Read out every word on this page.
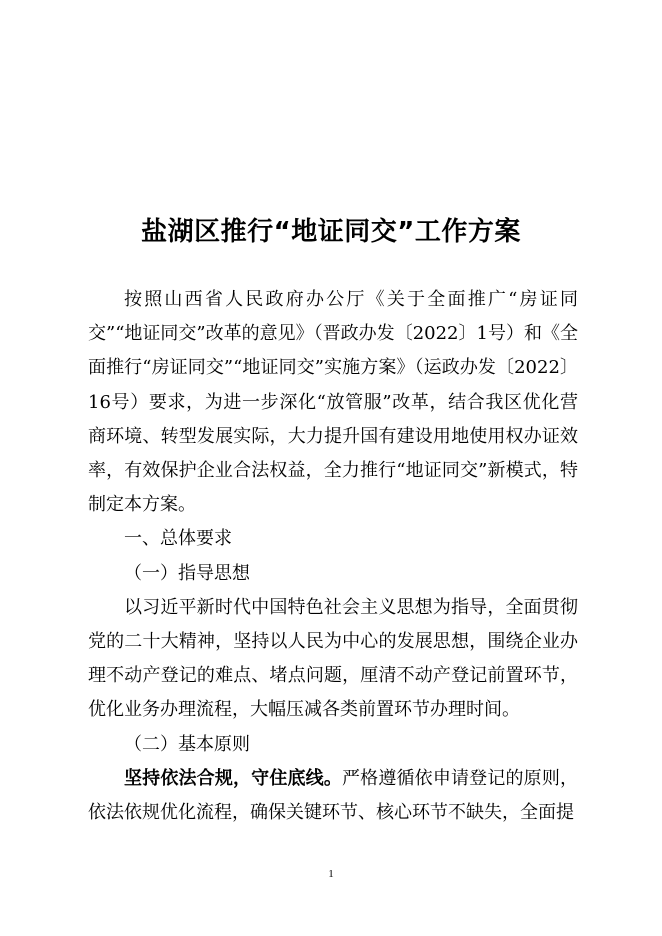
盐湖区推行“地证同交”工作方案

按照山西省人民政府办公厅《关于全面推广“房证同交”“地证同交”改革的意见》（晋政办发〔2022〕1号）和《全面推行“房证同交”“地证同交”实施方案》（运政办发〔2022〕16号）要求，为进一步深化“放管服”改革，结合我区优化营商环境、转型发展实际，大力提升国有建设用地使用权办证效率，有效保护企业合法权益，全力推行“地证同交”新模式，特制定本方案。

一、总体要求

（一）指导思想

以习近平新时代中国特色社会主义思想为指导，全面贯彻党的二十大精神，坚持以人民为中心的发展思想，围绕企业办理不动产登记的难点、堵点问题，厘清不动产登记前置环节，优化业务办理流程，大幅压减各类前置环节办理时间。

（二）基本原则

坚持依法合规，守住底线。严格遵循依申请登记的原则，依法依规优化流程，确保关键环节、核心环节不缺失，全面提

1
